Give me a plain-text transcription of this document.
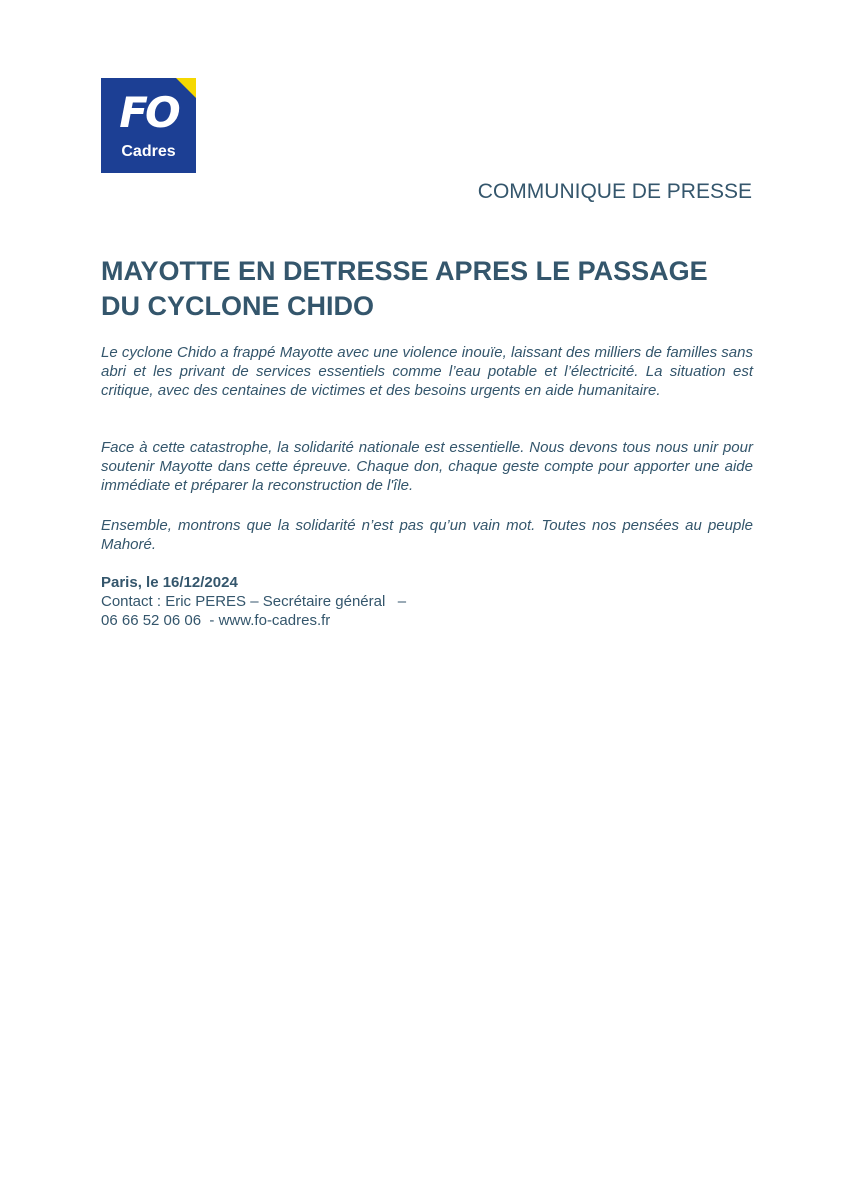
FO
Cadres
COMMUNIQUE DE PRESSE
MAYOTTE EN DETRESSE APRES LE PASSAGE DU CYCLONE CHIDO

Le cyclone Chido a frappé Mayotte avec une violence inouïe, laissant des milliers de familles sans abri et les privant de services essentiels comme l’eau potable et l’électricité. La situation est critique, avec des centaines de victimes et des besoins urgents en aide humanitaire.

Face à cette catastrophe, la solidarité nationale est essentielle. Nous devons tous nous unir pour soutenir Mayotte dans cette épreuve. Chaque don, chaque geste compte pour apporter une aide immédiate et préparer la reconstruction de l'île.

Ensemble, montrons que la solidarité n’est pas qu’un vain mot. Toutes nos pensées au peuple Mahoré.

Paris, le 16/12/2024
Contact : Eric PERES – Secrétaire général   –
06 66 52 06 06  - www.fo-cadres.fr
